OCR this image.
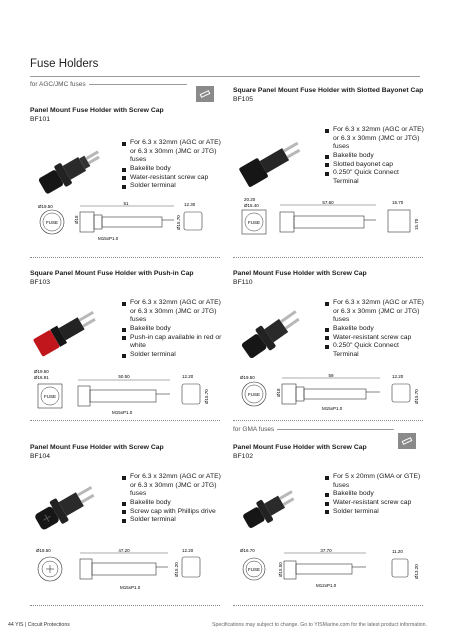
Fuse Holders
for AGC/JMC fuses
Panel Mount Fuse Holder with Screw Cap
BF101
For 6.3 x 32mm (AGC or ATE) or 6.3 x 30mm (JMC or JTG) fuses
Bakelite body
Water-resistant screw cap
Solder terminal
FUSE
Ø19.50
51
Ø18
M15xP1.0
12.30
Ø15.70
Square Panel Mount Fuse Holder with Slotted Bayonet Cap
BF105
For 6.3 x 32mm (AGC or ATE) or 6.3 x 30mm (JMC or JTG) fuses
Bakelite body
Slotted bayonet cap
0.250" Quick Connect Terminal
FUSE
20.20
Ø15.40
57.60	15.70
15.70
Square Panel Mount Fuse Holder with Push-in Cap
BF103
For 6.3 x 32mm (AGC or ATE) or 6.3 x 30mm (JMC or JTG) fuses
Bakelite body
Push-in cap available in red or white
Solder terminal
FUSE
Ø19.50
Ø16.91	50.50
M15xP1.0
12.20
Ø15.70
Panel Mount Fuse Holder with Screw Cap
BF110
For 6.3 x 32mm (AGC or ATE) or 6.3 x 30mm (JMC or JTG) fuses
Bakelite body
Water-resistant screw cap
0.250" Quick Connect Terminal
FUSE
Ø19.50	59
Ø18
M15xP1.0
12.20
Ø15.70
for GMA fuses
Panel Mount Fuse Holder with Screw Cap
BF104
For 6.3 x 32mm (AGC or ATE) or 6.3 x 30mm (JMC or JTG) fuses
Bakelite body
Screw cap with Phillips drive
Solder terminal
Ø18.50	47.20
M15xP1.0
12.20
Ø15.20
Panel Mount Fuse Holder with Screw Cap
BF102
For 5 x 20mm (GMA or GTE) fuses
Bakelite body
Water-resistant screw cap
Solder terminal
FUSE
Ø16.70	37.70
Ø15.50
M12xP1.0
11.20
Ø13.20
44 YIS | Circuit Protections	Specifications may subject to change. Go to YISMarine.com for the latest product information.
